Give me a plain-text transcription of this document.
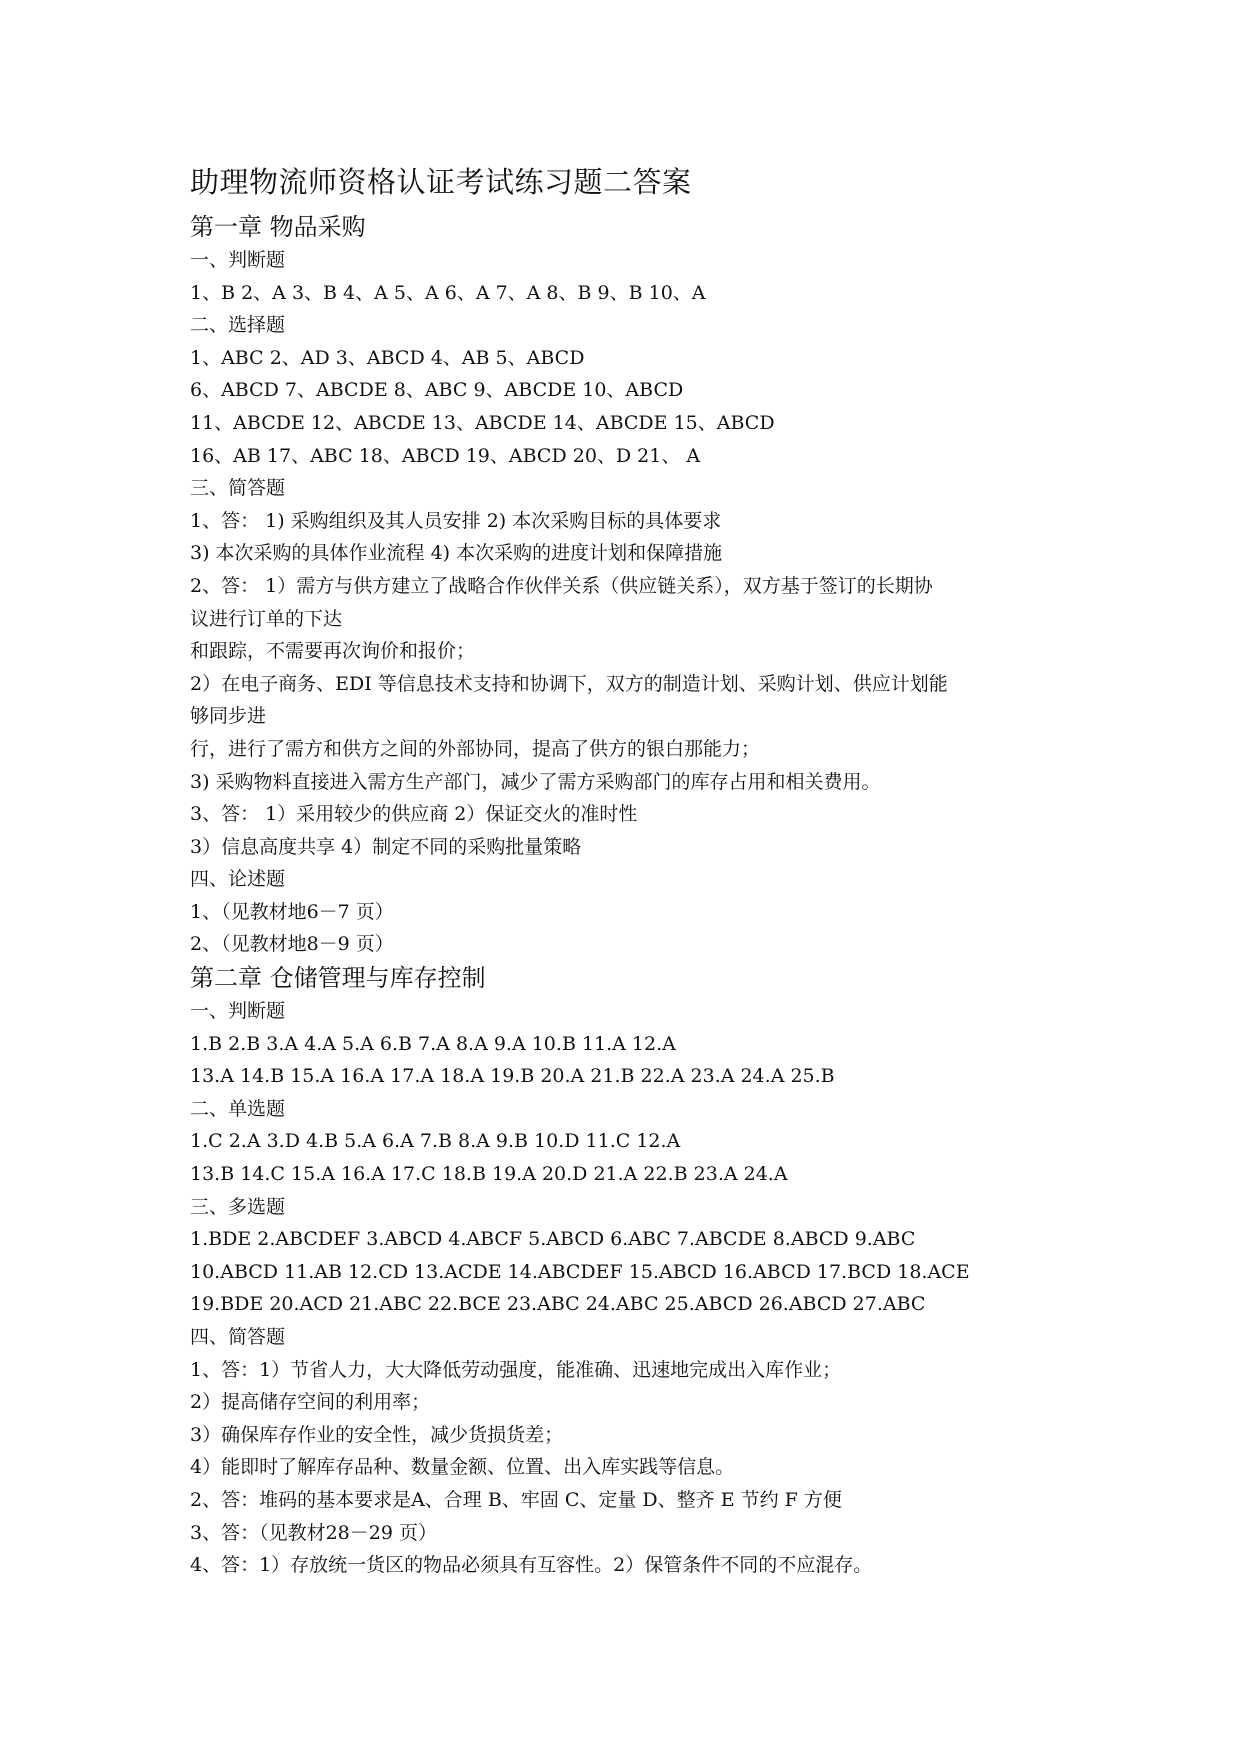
助理物流师资格认证考试练习题二答案
第一章 物品采购
一、判断题
1、B 2、A 3、B 4、A 5、A 6、A 7、A 8、B 9、B 10、A
二、选择题
1、ABC 2、AD 3、ABCD 4、AB 5、ABCD
6、ABCD 7、ABCDE 8、ABC 9、ABCDE 10、ABCD
11、ABCDE 12、ABCDE 13、ABCDE 14、ABCDE 15、ABCD
16、AB 17、ABC 18、ABCD 19、ABCD 20、D 21、 A
三、简答题
1、答： 1) 采购组织及其人员安排 2) 本次采购目标的具体要求
3) 本次采购的具体作业流程 4) 本次采购的进度计划和保障措施
2、答： 1）需方与供方建立了战略合作伙伴关系（供应链关系），双方基于签订的长期协
议进行订单的下达
和跟踪，不需要再次询价和报价；
2）在电子商务、EDI 等信息技术支持和协调下，双方的制造计划、采购计划、供应计划能
够同步进
行，进行了需方和供方之间的外部协同，提高了供方的银白那能力；
3) 采购物料直接进入需方生产部门，减少了需方采购部门的库存占用和相关费用。
3、答： 1）采用较少的供应商 2）保证交火的准时性
3）信息高度共享 4）制定不同的采购批量策略
四、论述题
1、（见教材地6－7 页）
2、（见教材地8－9 页）
第二章 仓储管理与库存控制
一、判断题
1.B 2.B 3.A 4.A 5.A 6.B 7.A 8.A 9.A 10.B 11.A 12.A
13.A 14.B 15.A 16.A 17.A 18.A 19.B 20.A 21.B 22.A 23.A 24.A 25.B
二、单选题
1.C 2.A 3.D 4.B 5.A 6.A 7.B 8.A 9.B 10.D 11.C 12.A
13.B 14.C 15.A 16.A 17.C 18.B 19.A 20.D 21.A 22.B 23.A 24.A
三、多选题
1.BDE 2.ABCDEF 3.ABCD 4.ABCF 5.ABCD 6.ABC 7.ABCDE 8.ABCD 9.ABC
10.ABCD 11.AB 12.CD 13.ACDE 14.ABCDEF 15.ABCD 16.ABCD 17.BCD 18.ACE
19.BDE 20.ACD 21.ABC 22.BCE 23.ABC 24.ABC 25.ABCD 26.ABCD 27.ABC
四、简答题
1、答：1）节省人力，大大降低劳动强度，能准确、迅速地完成出入库作业；
2）提高储存空间的利用率；
3）确保库存作业的安全性，减少货损货差；
4）能即时了解库存品种、数量金额、位置、出入库实践等信息。
2、答：堆码的基本要求是A、合理 B、牢固 C、定量 D、整齐 E 节约 F 方便
3、答：（见教材28－29 页）
4、答：1）存放统一货区的物品必须具有互容性。2）保管条件不同的不应混存。
